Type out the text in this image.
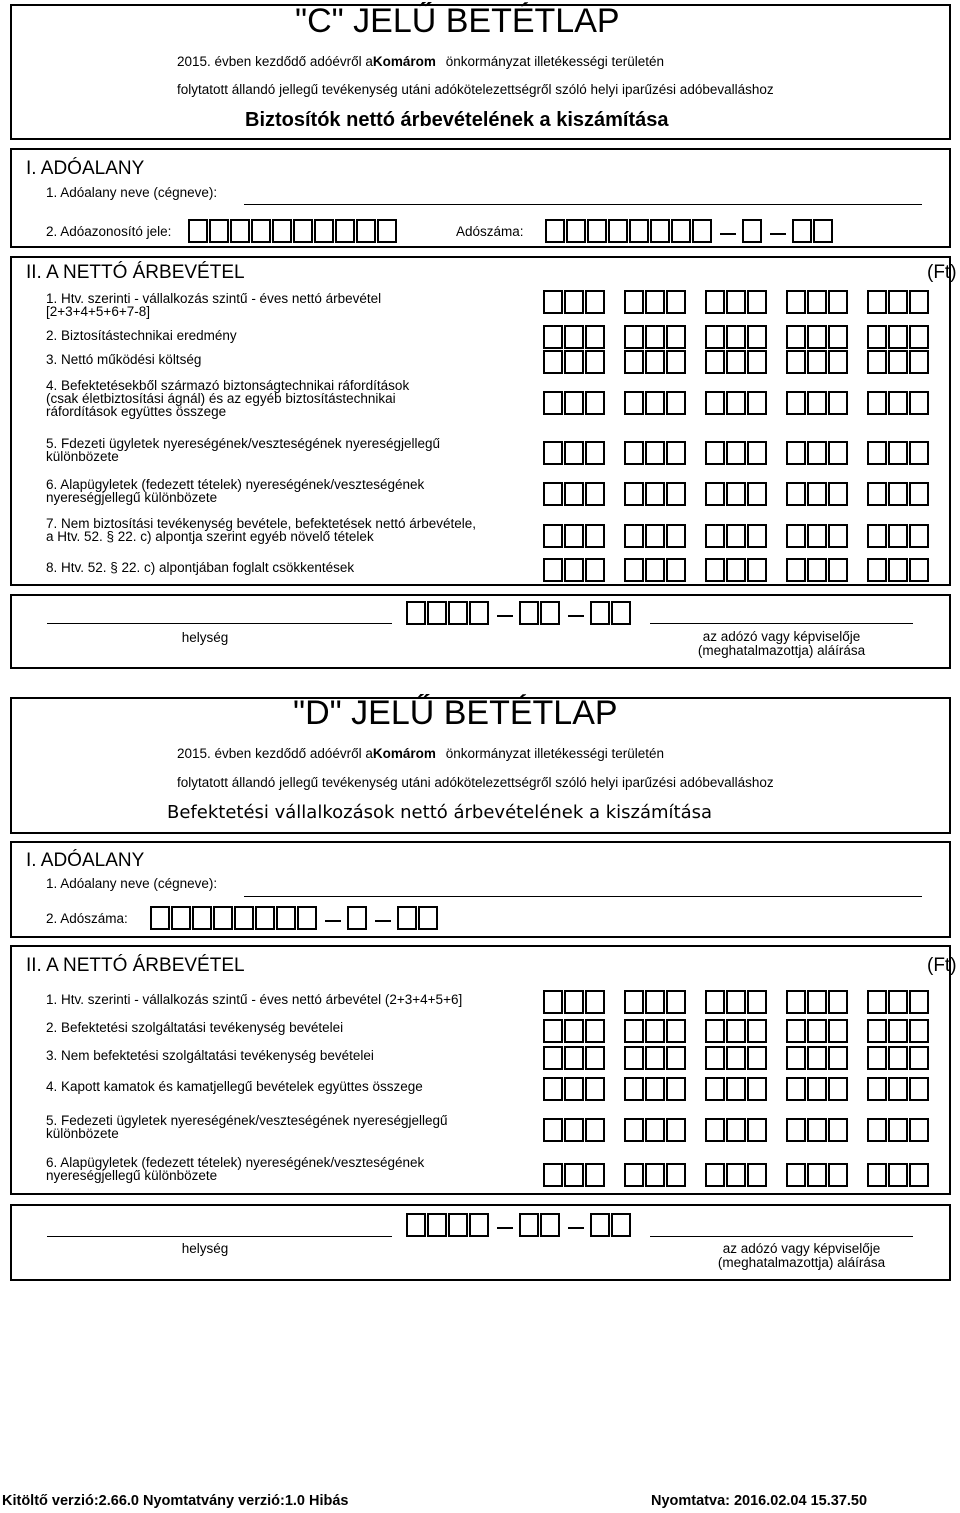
"C" JELŰ BETÉTLAP
2015. évben kezdődő adóévről aKomárom önkormányzat illetékességi területén
folytatott állandó jellegű tevékenység utáni adókötelezettségről szóló helyi iparűzési adóbevalláshoz
Biztosítók nettó árbevételének a kiszámítása
I. ADÓALANY
1. Adóalany neve (cégneve):
2. Adóazonosító jele:	Adószáma:
II. A NETTÓ ÁRBEVÉTEL	(Ft)
1. Htv. szerinti - vállalkozás szintű - éves nettó árbevétel
[2+3+4+5+6+7-8]
2. Biztosítástechnikai eredmény
3. Nettó működési költség
4. Befektetésekből származó biztonságtechnikai ráfordítások
(csak életbiztosítási ágnál) és az egyéb biztosítástechnikai
ráfordítások együttes összege
5. Fdezeti ügyletek nyereségének/veszteségének nyereségjellegű
különbözete
6. Alapügyletek (fedezett tételek) nyereségének/veszteségének
nyereségjellegű különbözete
7. Nem biztosítási tevékenység bevétele, befektetések nettó árbevétele,
a Htv. 52. § 22. c) alpontja szerint egyéb növelő tételek
8. Htv. 52. § 22. c) alpontjában foglalt csökkentések
helység	az adózó vagy képviselője
(meghatalmazottja) aláírása
"D" JELŰ BETÉTLAP
2015. évben kezdődő adóévről aKomárom önkormányzat illetékességi területén
folytatott állandó jellegű tevékenység utáni adókötelezettségről szóló helyi iparűzési adóbevalláshoz
Befektetési vállalkozások nettó árbevételének a kiszámítása
I. ADÓALANY
1. Adóalany neve (cégneve):
2. Adószáma:
II. A NETTÓ ÁRBEVÉTEL	(Ft)
1. Htv. szerinti - vállalkozás szintű - éves nettó árbevétel (2+3+4+5+6]
2. Befektetési szolgáltatási tevékenység bevételei
3. Nem befektetési szolgáltatási tevékenység bevételei
4. Kapott kamatok és kamatjellegű bevételek együttes összege
5. Fedezeti ügyletek nyereségének/veszteségének nyereségjellegű
különbözete
6. Alapügyletek (fedezett tételek) nyereségének/veszteségének
nyereségjellegű különbözete
helység	az adózó vagy képviselője
(meghatalmazottja) aláírása
Kitöltő verzió:2.66.0 Nyomtatvány verzió:1.0 Hibás	Nyomtatva: 2016.02.04 15.37.50
